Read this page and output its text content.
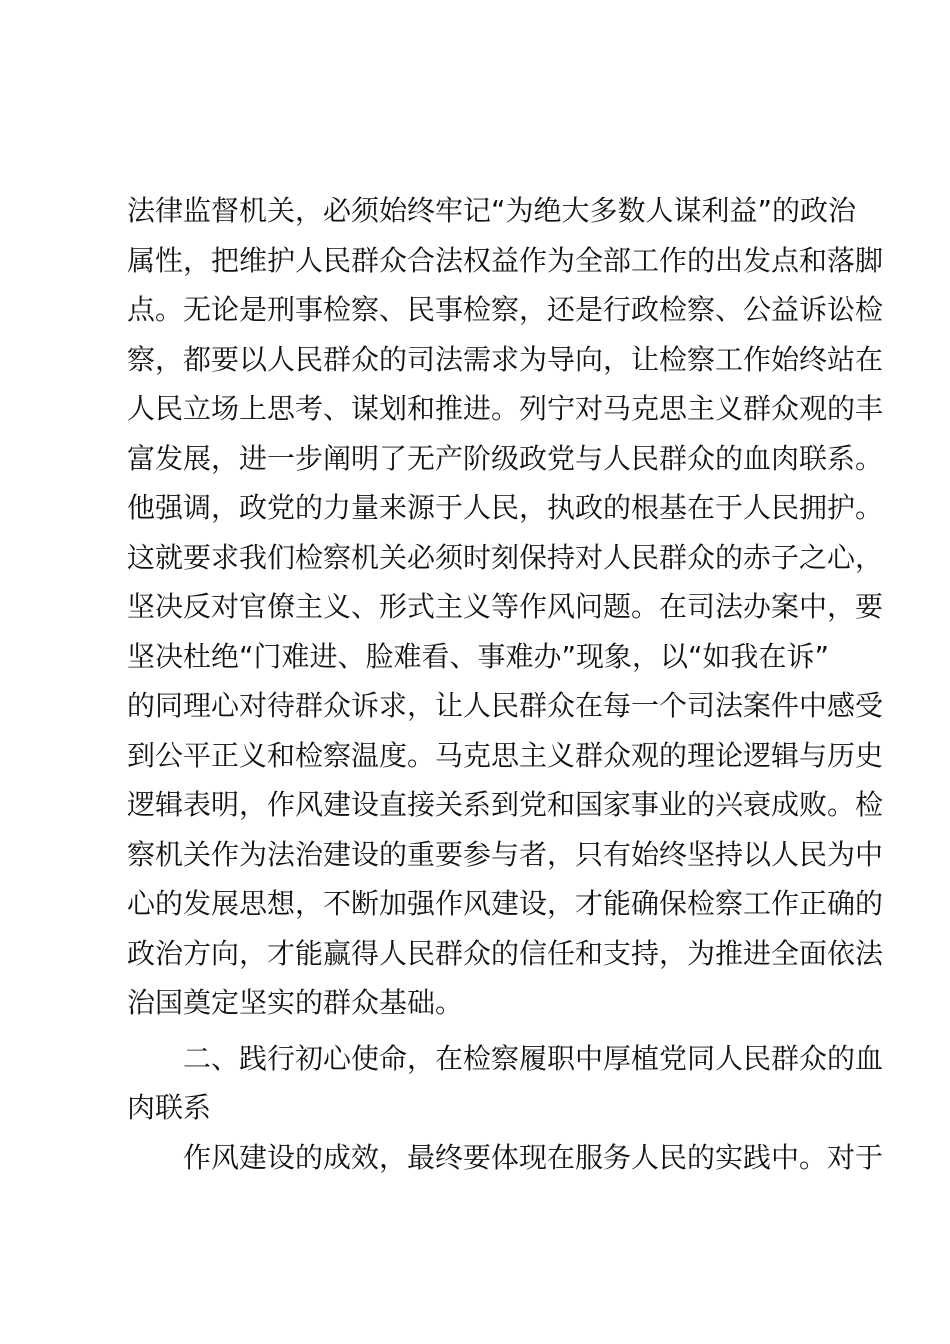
法律监督机关，必须始终牢记“为绝大多数人谋利益”的政治
属性，把维护人民群众合法权益作为全部工作的出发点和落脚
点。无论是刑事检察、民事检察，还是行政检察、公益诉讼检
察，都要以人民群众的司法需求为导向，让检察工作始终站在
人民立场上思考、谋划和推进。列宁对马克思主义群众观的丰
富发展，进一步阐明了无产阶级政党与人民群众的血肉联系。
他强调，政党的力量来源于人民，执政的根基在于人民拥护。
这就要求我们检察机关必须时刻保持对人民群众的赤子之心，
坚决反对官僚主义、形式主义等作风问题。在司法办案中，要
坚决杜绝“门难进、脸难看、事难办”现象，以“如我在诉”
的同理心对待群众诉求，让人民群众在每一个司法案件中感受
到公平正义和检察温度。马克思主义群众观的理论逻辑与历史
逻辑表明，作风建设直接关系到党和国家事业的兴衰成败。检
察机关作为法治建设的重要参与者，只有始终坚持以人民为中
心的发展思想，不断加强作风建设，才能确保检察工作正确的
政治方向，才能赢得人民群众的信任和支持，为推进全面依法
治国奠定坚实的群众基础。
二、践行初心使命，在检察履职中厚植党同人民群众的血
肉联系
作风建设的成效，最终要体现在服务人民的实践中。对于
